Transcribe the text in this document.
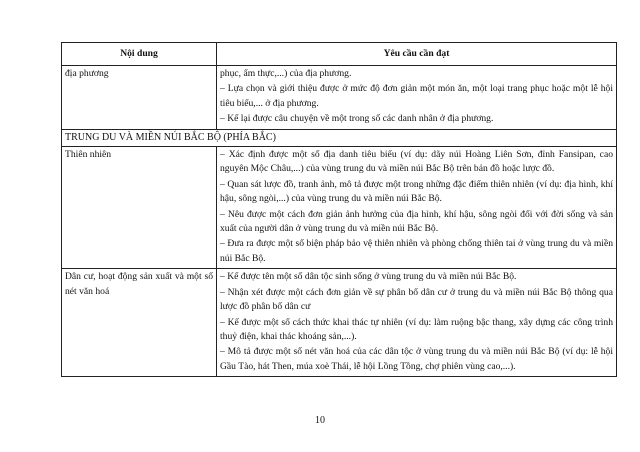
Nội dung	Yêu cầu cần đạt
địa phương	phục, ẩm thực,...) của địa phương.

– Lựa chọn và giới thiệu được ở mức độ đơn giản một món ăn, một loại trang phục hoặc một lễ hội tiêu biểu,... ở địa phương.

– Kể lại được câu chuyện về một trong số các danh nhân ở địa phương.

TRUNG DU VÀ MIỀN NÚI BẮC BỘ (PHÍA BẮC)	
Thiên nhiên	– Xác định được một số địa danh tiêu biểu (ví dụ: dãy núi Hoàng Liên Sơn, đỉnh Fansipan, cao nguyên Mộc Châu,...) của vùng trung du và miền núi Bắc Bộ trên bản đồ hoặc lược đồ.

– Quan sát lược đồ, tranh ảnh, mô tả được một trong những đặc điểm thiên nhiên (ví dụ: địa hình, khí hậu, sông ngòi,...) của vùng trung du và miền núi Bắc Bộ.

– Nêu được một cách đơn giản ảnh hưởng của địa hình, khí hậu, sông ngòi đối với đời sống và sản xuất của người dân ở vùng trung du và miền núi Bắc Bộ.

– Đưa ra được một số biện pháp bảo vệ thiên nhiên và phòng chống thiên tai ở vùng trung du và miền núi Bắc Bộ.

Dân cư, hoạt động sản xuất và một số nét văn hoá	– Kể được tên một số dân tộc sinh sống ở vùng trung du và miền núi Bắc Bộ.

– Nhận xét được một cách đơn giản về sự phân bố dân cư ở trung du và miền núi Bắc Bộ thông qua lược đồ phân bố dân cư

– Kể được một số cách thức khai thác tự nhiên (ví dụ: làm ruộng bậc thang, xây dựng các công trình thuỷ điện, khai thác khoáng sản,...).

– Mô tả được một số nét văn hoá của các dân tộc ở vùng trung du và miền núi Bắc Bộ (ví dụ: lễ hội Gầu Tào, hát Then, múa xoè Thái, lễ hội Lồng Tồng, chợ phiên vùng cao,...).

10
